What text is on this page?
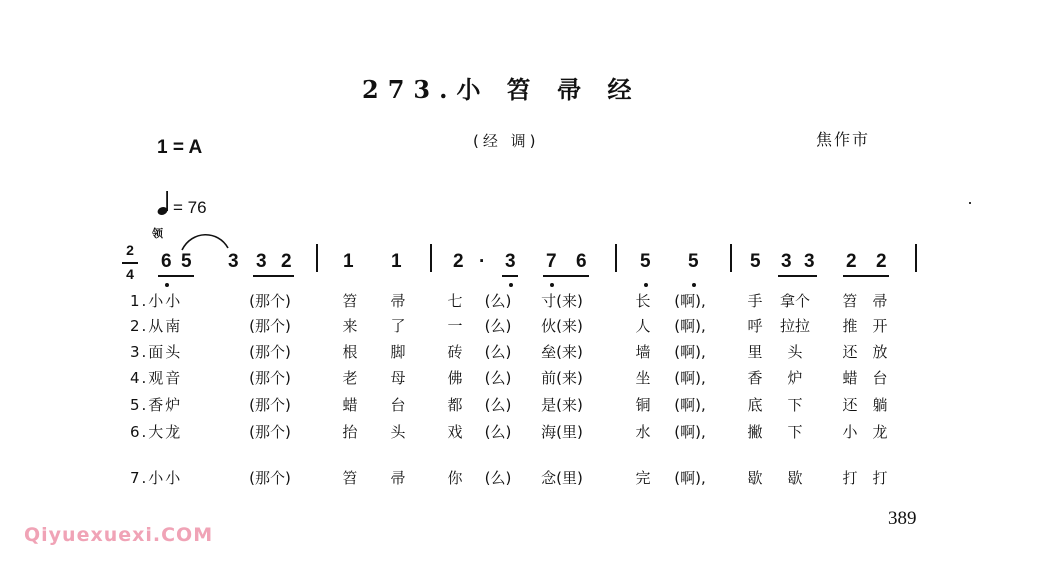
273.小 笤 帚 经
1 = A	(经 调)	焦作市
= 76
领
2
4
389
Qiyuexuexi.COM
6 5 3 3 2	1 1	2 · 3 7 6	5 5	5 3 3 2 2
1.小小	(那个)	笤	帚	七	(么)	寸(来)	长	(啊),	手	拿个	笤 帚
2.从南	(那个)	来	了	一	(么)	伙(来)	人	(啊),	呼	拉拉	推 开
3.面头	(那个)	根	脚	砖	(么)	垒(来)	墙	(啊),	里	头	还 放
4.观音	(那个)	老	母	佛	(么)	前(来)	坐	(啊),	香	炉	蜡 台
5.香炉	(那个)	蜡	台	都	(么)	是(来)	铜	(啊),	底	下	还 躺
6.大龙	(那个)	抬	头	戏	(么)	海(里)	水	(啊),	撇	下	小 龙
7.小小	(那个)	笤	帚	你	(么)	念(里)	完	(啊),	歇	歇	打 打
